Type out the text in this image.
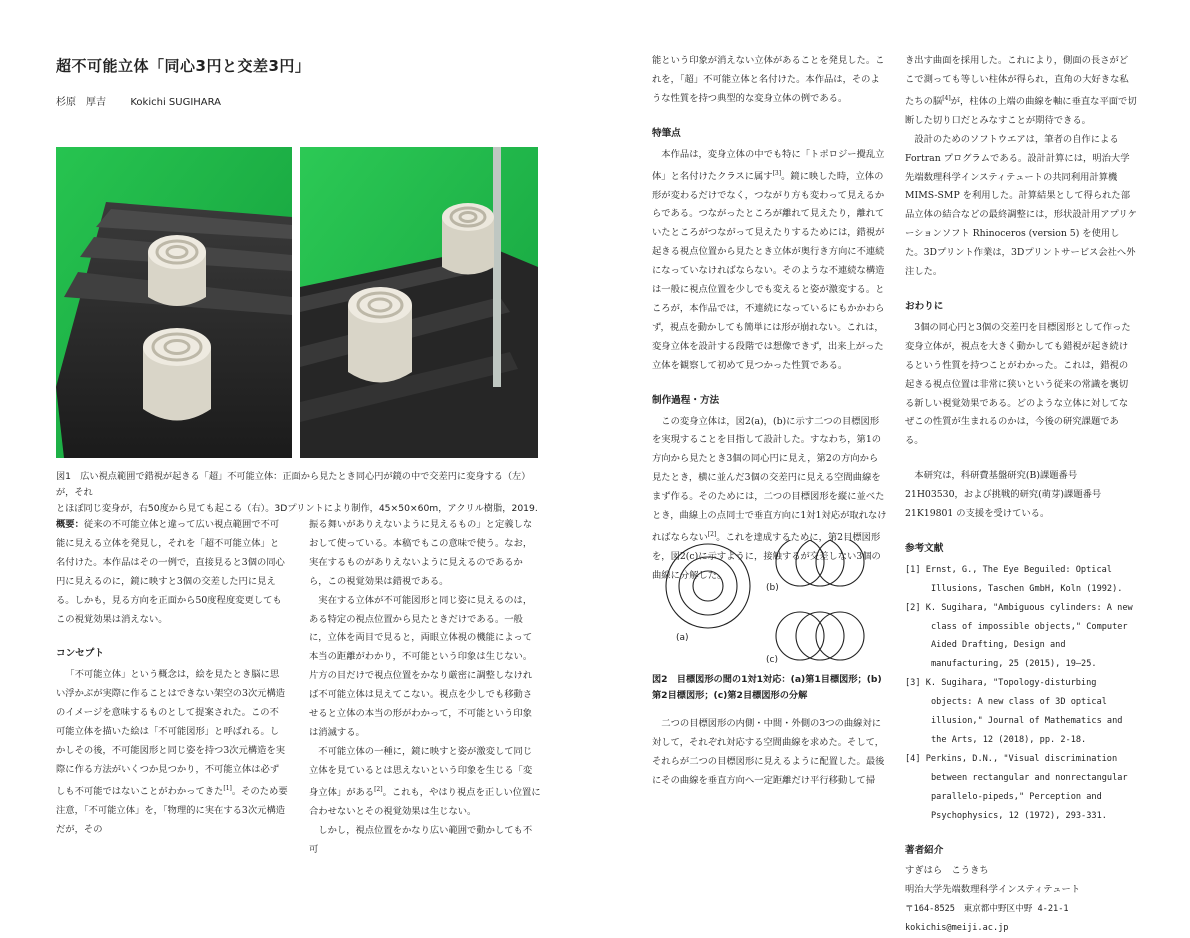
超不可能立体「同心3円と交差3円」
杉原　厚吉 Kokichi SUGIHARA
図1　広い視点範囲で錯視が起きる「超」不可能立体：正面から見たとき同心円が鏡の中で交差円に変身する（左）が，それ
とほぼ同じ変身が，右50度から見ても起こる（右）。3Dプリントにより制作，45×50×60m，アクリル樹脂，2019.

概要：従来の不可能立体と違って広い視点範囲で不可能に見える立体を発見し，それを「超不可能立体」と名付けた。本作品はその一例で，直接見ると3個の同心円に見えるのに，鏡に映すと3個の交差した円に見える。しかも，見る方向を正面から50度程度変更してもこの視覚効果は消えない。

コンセプト

「不可能立体」という概念は，絵を見たとき脳に思い浮かぶが実際に作ることはできない架空の3次元構造のイメージを意味するものとして提案された。この不可能立体を描いた絵は「不可能図形」と呼ばれる。しかしその後，不可能図形と同じ姿を持つ3次元構造を実際に作る方法がいくつか見つかり，不可能立体は必ずしも不可能ではないことがわかってきた[1]。そのため要注意，「不可能立体」を，「物理的に実在する3次元構造だが，その

振る舞いがありえないように見えるもの」と定義しなおして使っている。本稿でもこの意味で使う。なお，実在するものがありえないように見えるのであるから，この視覚効果は錯視である。

実在する立体が不可能図形と同じ姿に見えるのは，ある特定の視点位置から見たときだけである。一般に，立体を両目で見ると，両眼立体視の機能によって本当の距離がわかり，不可能という印象は生じない。片方の目だけで視点位置をかなり厳密に調整しなければ不可能立体は見えてこない。視点を少しでも移動させると立体の本当の形がわかって，不可能という印象は消滅する。

不可能立体の一種に，鏡に映すと姿が激変して同じ立体を見ているとは思えないという印象を生じる「変身立体」がある[2]。これも，やはり視点を正しい位置に合わせないとその視覚効果は生じない。

しかし，視点位置をかなり広い範囲で動かしても不可

能という印象が消えない立体があることを発見した。これを，「超」不可能立体と名付けた。本作品は，そのような性質を持つ典型的な変身立体の例である。

特筆点

本作品は，変身立体の中でも特に「トポロジー攪乱立体」と名付けたクラスに属す[3]。鏡に映した時，立体の形が変わるだけでなく，つながり方も変わって見えるからである。つながったところが離れて見えたり，離れていたところがつながって見えたりするためには，錯視が起きる視点位置から見たとき立体が奥行き方向に不連続になっていなければならない。そのような不連続な構造は一般に視点位置を少しでも変えると姿が激変する。ところが，本作品では，不連続になっているにもかかわらず，視点を動かしても簡単には形が崩れない。これは，変身立体を設計する段階では想像できず，出来上がった立体を観察して初めて見つかった性質である。

制作過程・方法

この変身立体は，図2(a)，(b)に示す二つの目標図形を実現することを目指して設計した。すなわち，第1の方向から見たとき3個の同心円に見え，第2の方向から見たとき，横に並んだ3個の交差円に見える空間曲線をまず作る。そのためには，二つの目標図形を縦に並べたとき，曲線上の点同士で垂直方向に1対1対応が取れなければならない[2]。これを達成するために，第2目標図形を，図2(c)に示すように，接触するが交差しない3個の曲線に分解した。

(a)
(b)
(c)
図2　目標図形の間の1対1対応：(a)第1目標図形；(b)第2目標図形；(c)第2目標図形の分解

二つの目標図形の内側・中間・外側の3つの曲線対に対して，それぞれ対応する空間曲線を求めた。そして，それらが二つの目標図形に見えるように配置した。最後にその曲線を垂直方向へ一定距離だけ平行移動して掃

き出す曲面を採用した。これにより，側面の長さがどこで測っても等しい柱体が得られ，直角の大好きな私たちの脳[4]が，柱体の上端の曲線を軸に垂直な平面で切断した切り口だとみなすことが期待できる。

設計のためのソフトウエアは，筆者の自作による Fortran プログラムである。設計計算には，明治大学先端数理科学インスティテュートの共同利用計算機 MIMS-SMP を利用した。計算結果として得られた部品立体の結合などの最終調整には，形状設計用アプリケーションソフト Rhinoceros (version 5) を使用した。3Dプリント作業は，3Dプリントサービス会社へ外注した。

おわりに

3個の同心円と3個の交差円を目標図形として作った変身立体が，視点を大きく動かしても錯視が起き続けるという性質を持つことがわかった。これは，錯視の起きる視点位置は非常に狭いという従来の常識を裏切る新しい視覚効果である。どのような立体に対してなぜこの性質が生まれるのかは，今後の研究課題である。

本研究は，科研費基盤研究(B)課題番号 21H03530，および挑戦的研究(萌芽)課題番号 21K19801 の支援を受けている。

参考文献
[1] Ernst, G., The Eye Beguiled: Optical Illusions, Taschen GmbH, Koln (1992).
[2] K. Sugihara, "Ambiguous cylinders: A new class of impossible objects," Computer Aided Drafting, Design and manufacturing, 25 (2015), 19―25.
[3] K. Sugihara, "Topology-disturbing objects: A new class of 3D optical illusion," Journal of Mathematics and the Arts, 12 (2018), pp. 2-18.
[4] Perkins, D.N., "Visual discrimination between rectangular and nonrectangular parallelo-pipeds," Perception and Psychophysics, 12 (1972), 293-331.
著者紹介

すぎはら　こうきち

明治大学先端数理科学インスティテュート

〒164-8525　東京都中野区中野 4-21-1

kokichis@meiji.ac.jp
